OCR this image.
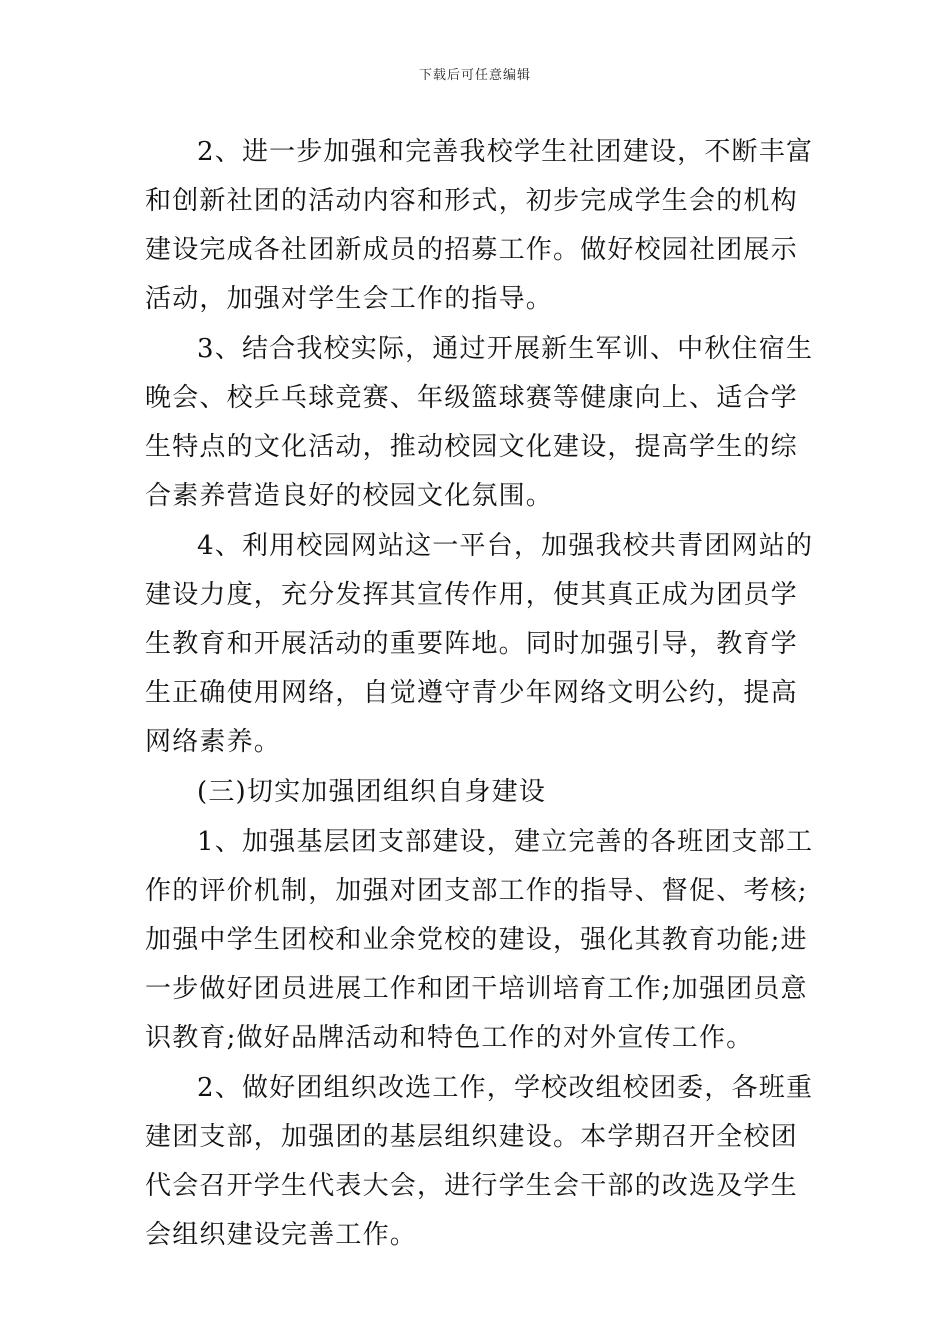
下载后可任意编辑

2、进一步加强和完善我校学生社团建设，不断丰富和创新社团的活动内容和形式，初步完成学生会的机构建设完成各社团新成员的招募工作。做好校园社团展示活动，加强对学生会工作的指导。

3、结合我校实际，通过开展新生军训、中秋住宿生晚会、校乒乓球竞赛、年级篮球赛等健康向上、适合学生特点的文化活动，推动校园文化建设，提高学生的综合素养营造良好的校园文化氛围。

4、利用校园网站这一平台，加强我校共青团网站的建设力度，充分发挥其宣传作用，使其真正成为团员学生教育和开展活动的重要阵地。同时加强引导，教育学生正确使用网络，自觉遵守青少年网络文明公约，提高网络素养。

(三)切实加强团组织自身建设

1、加强基层团支部建设，建立完善的各班团支部工作的评价机制，加强对团支部工作的指导、督促、考核;加强中学生团校和业余党校的建设，强化其教育功能;进一步做好团员进展工作和团干培训培育工作;加强团员意识教育;做好品牌活动和特色工作的对外宣传工作。

2、做好团组织改选工作，学校改组校团委，各班重建团支部，加强团的基层组织建设。本学期召开全校团代会召开学生代表大会，进行学生会干部的改选及学生会组织建设完善工作。
